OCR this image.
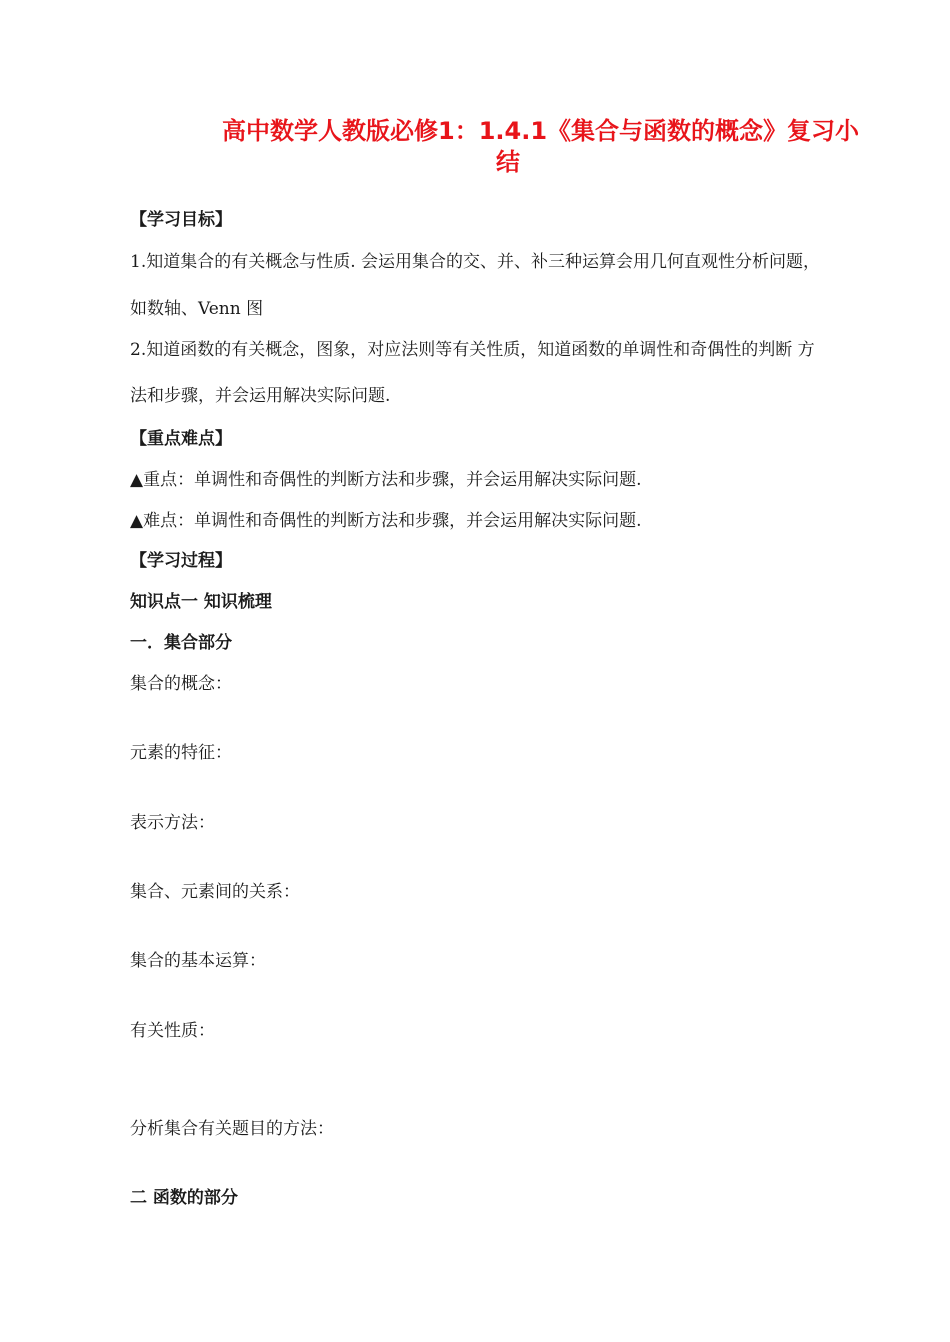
高中数学人教版必修1：1.4.1《集合与函数的概念》复习小
结
【学习目标】
1.知道集合的有关概念与性质. 会运用集合的交、并、补三种运算会用几何直观性分析问题，
如数轴、Venn 图
2.知道函数的有关概念，图象，对应法则等有关性质，知道函数的单调性和奇偶性的判断 方
法和步骤，并会运用解决实际问题.
【重点难点】
▲重点：单调性和奇偶性的判断方法和步骤，并会运用解决实际问题.
▲难点：单调性和奇偶性的判断方法和步骤，并会运用解决实际问题.
【学习过程】
知识点一 知识梳理
一．集合部分
集合的概念：
元素的特征：
表示方法：
集合、元素间的关系：
集合的基本运算：
有关性质：
分析集合有关题目的方法：
二 函数的部分
